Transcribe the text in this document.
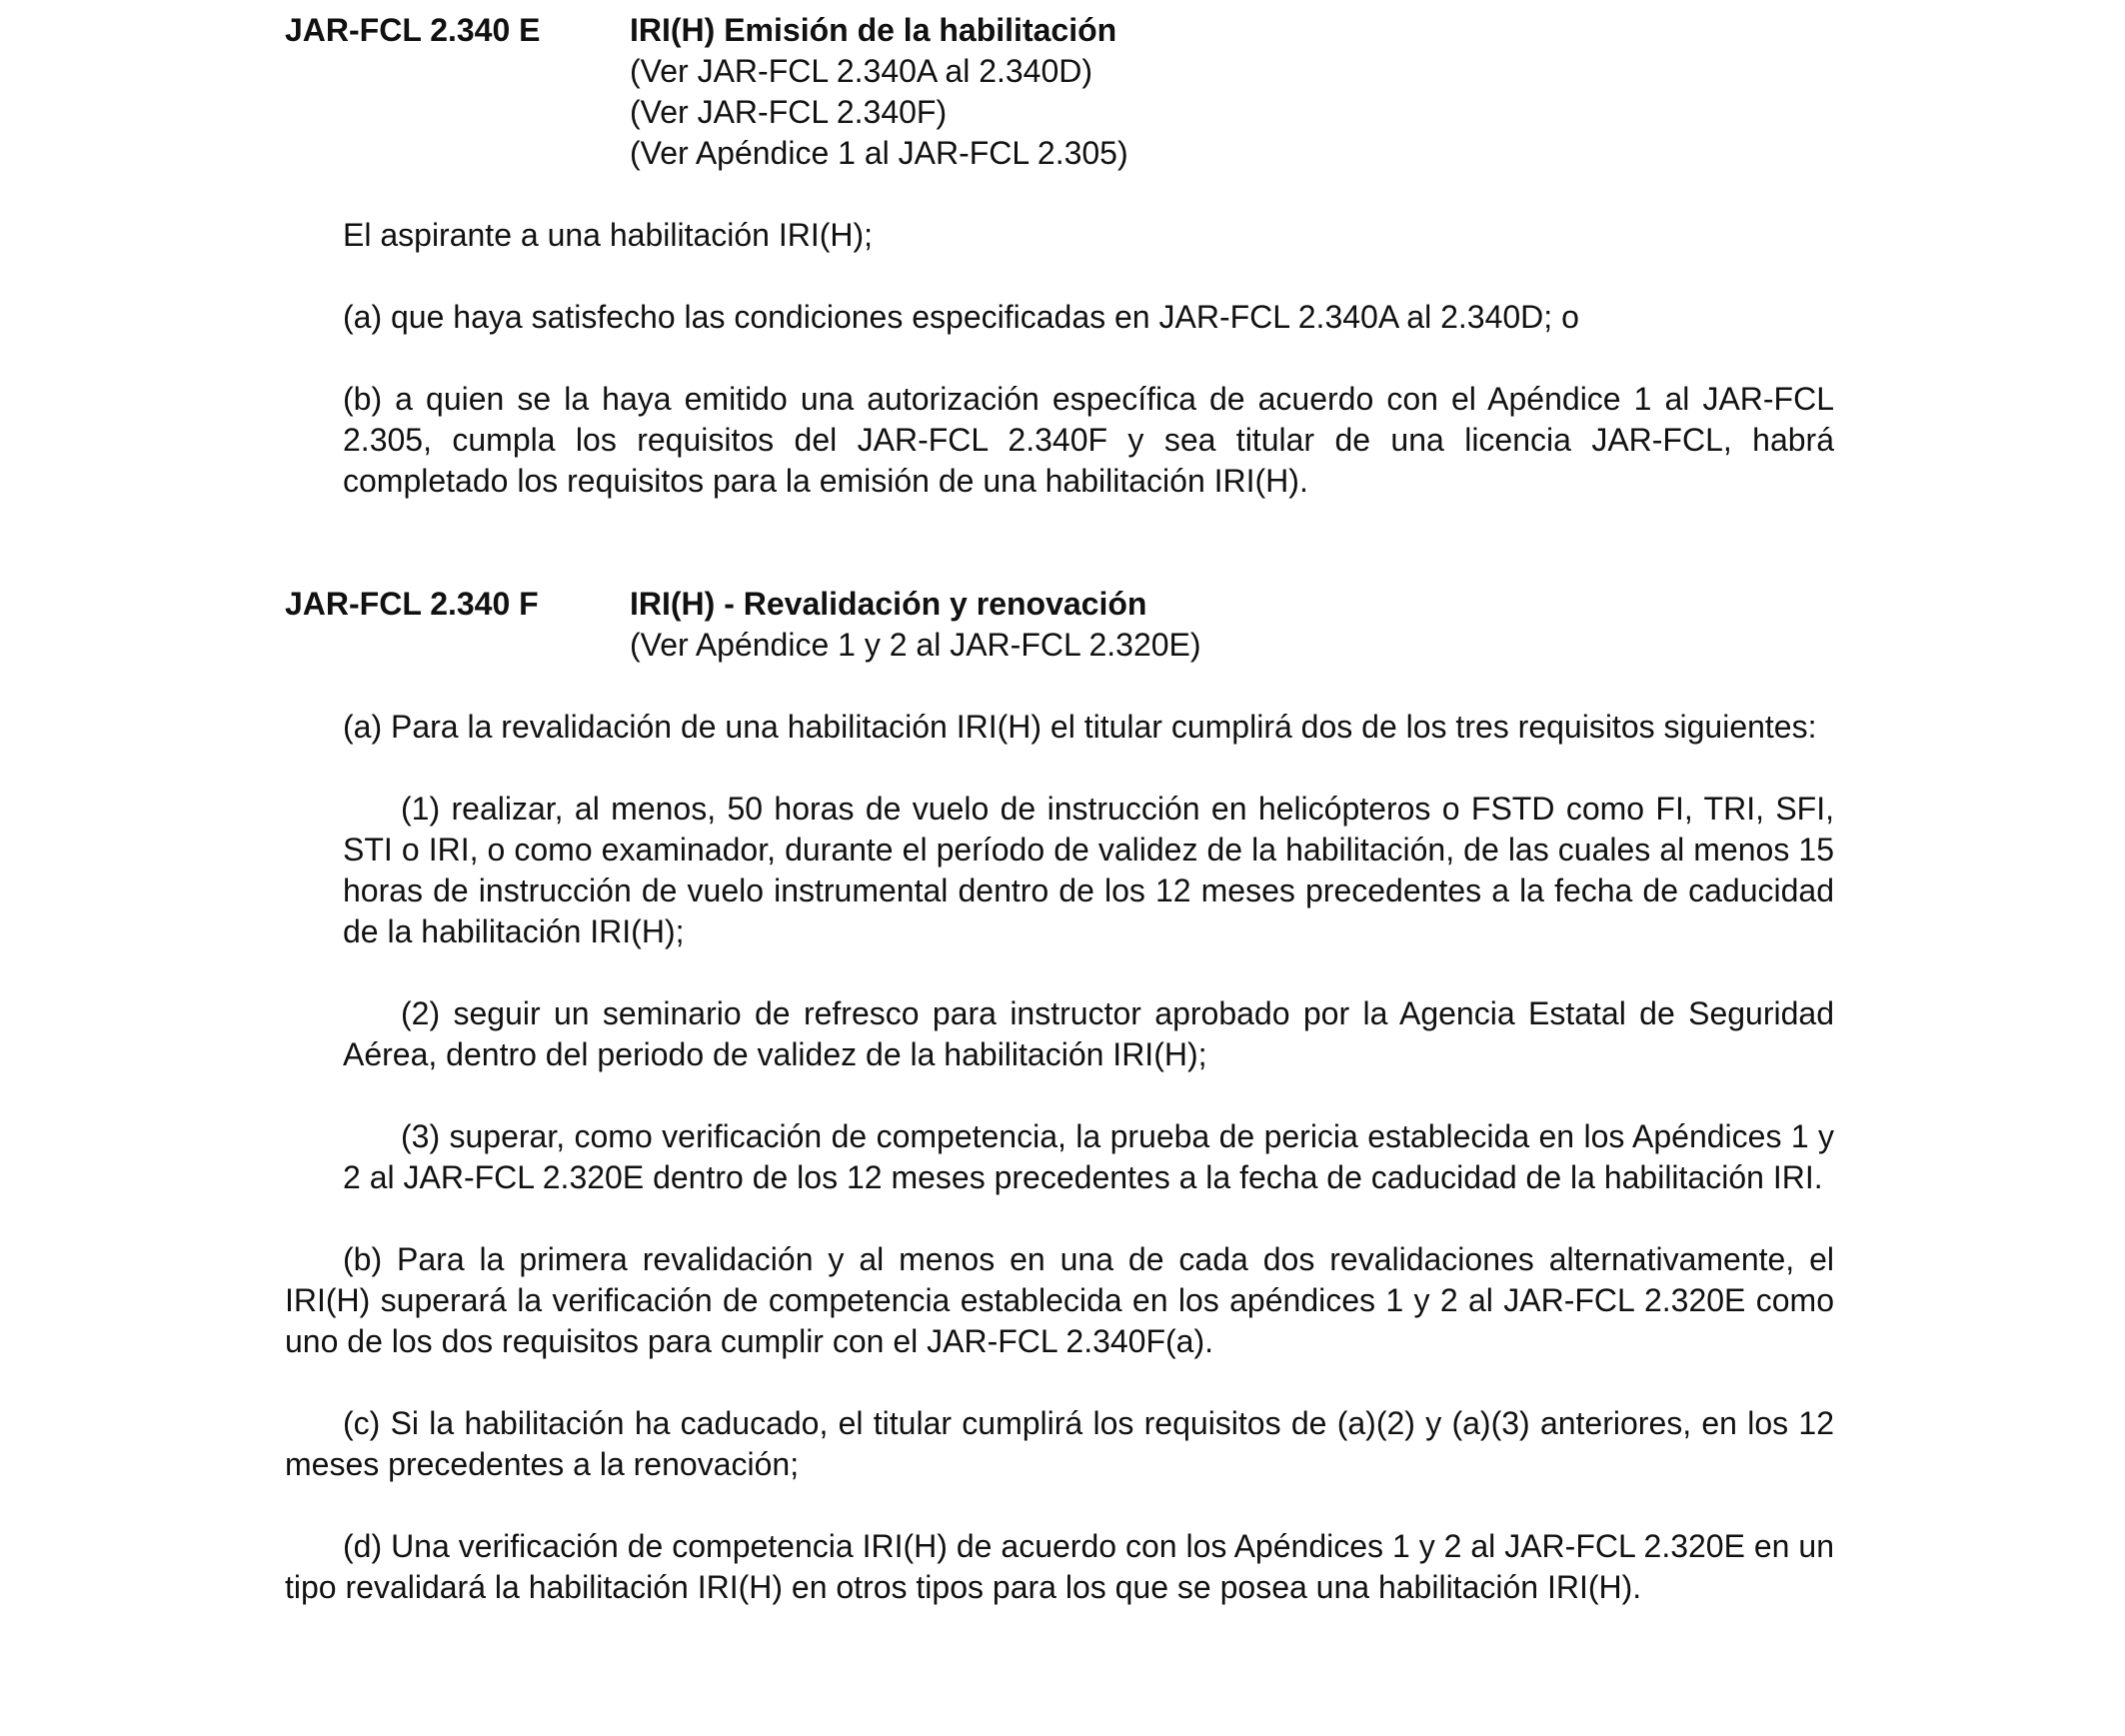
JAR-FCL 2.340 E	IRI(H) Emisión de la habilitación
(Ver JAR-FCL 2.340A al 2.340D)
(Ver JAR-FCL 2.340F)
(Ver Apéndice 1 al JAR-FCL 2.305)

El aspirante a una habilitación IRI(H);

(a) que haya satisfecho las condiciones especificadas en JAR-FCL 2.340A al 2.340D; o

(b) a quien se la haya emitido una autorización específica de acuerdo con el Apéndice 1 al JAR-FCL 2.305, cumpla los requisitos del JAR-FCL 2.340F y sea titular de una licencia JAR-FCL, habrá completado los requisitos para la emisión de una habilitación IRI(H).

JAR-FCL 2.340 F	IRI(H) - Revalidación y renovación
(Ver Apéndice 1 y 2 al JAR-FCL 2.320E)

(a) Para la revalidación de una habilitación IRI(H) el titular cumplirá dos de los tres requisitos siguientes:

(1) realizar, al menos, 50 horas de vuelo de instrucción en helicópteros o FSTD como FI, TRI, SFI, STI o IRI, o como examinador, durante el período de validez de la habilitación, de las cuales al menos 15 horas de instrucción de vuelo instrumental dentro de los 12 meses precedentes a la fecha de caducidad de la habilitación IRI(H);

(2) seguir un seminario de refresco para instructor aprobado por la Agencia Estatal de Seguridad Aérea, dentro del periodo de validez de la habilitación IRI(H);

(3) superar, como verificación de competencia, la prueba de pericia establecida en los Apéndices 1 y 2 al JAR-FCL 2.320E dentro de los 12 meses precedentes a la fecha de caducidad de la habilitación IRI.

(b) Para la primera revalidación y al menos en una de cada dos revalidaciones alternativamente, el IRI(H) superará la verificación de competencia establecida en los apéndices 1 y 2 al JAR-FCL 2.320E como uno de los dos requisitos para cumplir con el JAR-FCL 2.340F(a).

(c) Si la habilitación ha caducado, el titular cumplirá los requisitos de (a)(2) y (a)(3) anteriores, en los 12 meses precedentes a la renovación;

(d) Una verificación de competencia IRI(H) de acuerdo con los Apéndices 1 y 2 al JAR-FCL 2.320E en un tipo revalidará la habilitación IRI(H) en otros tipos para los que se posea una habilitación IRI(H).
